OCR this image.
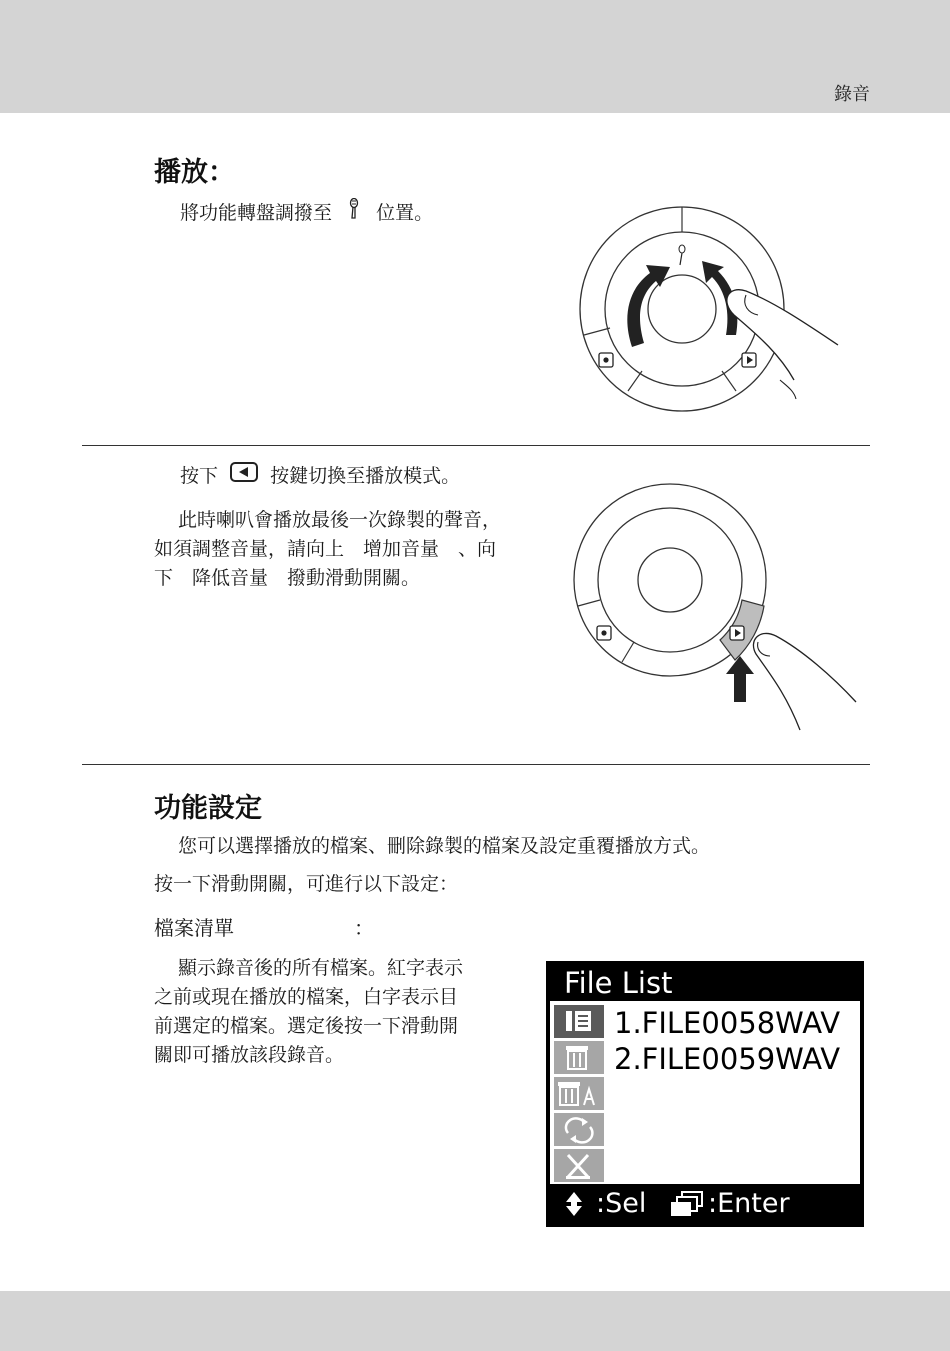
錄音
播放：
將功能轉盤調撥至 位置。
按下	按鍵切換至播放模式。
此時喇叭會播放最後一次錄製的聲音，
如須調整音量，請向上　增加音量　、向
下　降低音量　撥動滑動開關。
功能設定
您可以選擇播放的檔案、刪除錄製的檔案及設定重覆播放方式。
按一下滑動開關，可進行以下設定：
檔案清單	：
顯示錄音後的所有檔案。紅字表示
之前或現在播放的檔案，白字表示目
前選定的檔案。選定後按一下滑動開
關即可播放該段錄音。
File List
1.FILE0058WAV
2.FILE0059WAV
:Sel :Enter
